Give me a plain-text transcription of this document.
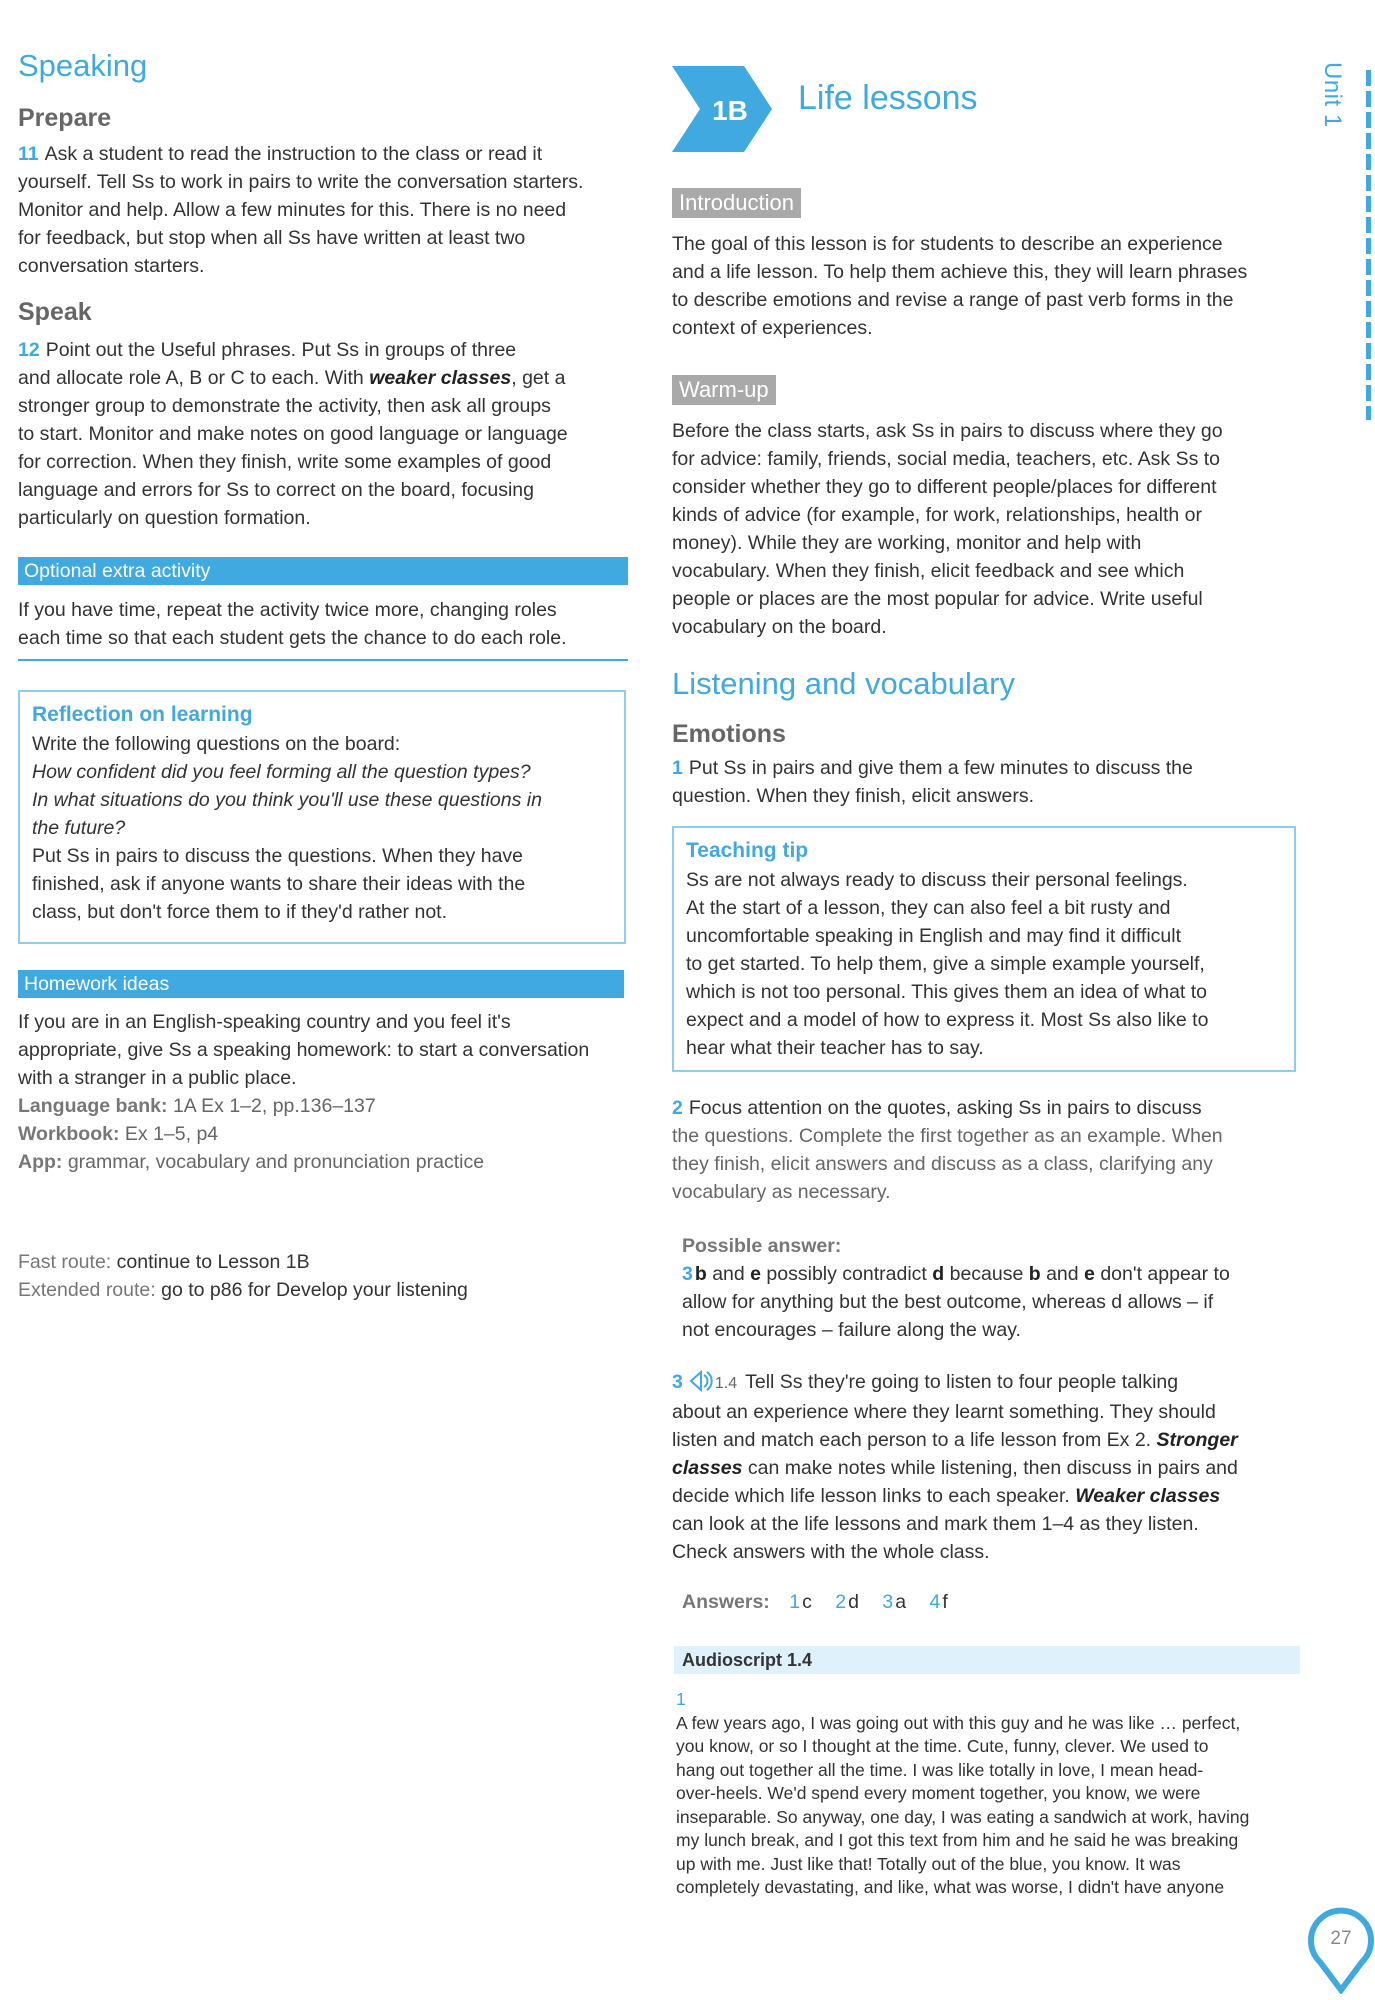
Unit 1
Speaking
Prepare

11 Ask a student to read the instruction to the class or read it

yourself. Tell Ss to work in pairs to write the conversation starters.

Monitor and help. Allow a few minutes for this. There is no need

for feedback, but stop when all Ss have written at least two

conversation starters.

Speak

12 Point out the Useful phrases. Put Ss in groups of three

and allocate role A, B or C to each. With weaker classes, get a

stronger group to demonstrate the activity, then ask all groups

to start. Monitor and make notes on good language or language

for correction. When they finish, write some examples of good

language and errors for Ss to correct on the board, focusing

particularly on question formation.

Optional extra activity

If you have time, repeat the activity twice more, changing roles

each time so that each student gets the chance to do each role.

Reflection on learning

Write the following questions on the board:

How confident did you feel forming all the question types?

In what situations do you think you'll use these questions in

the future?

Put Ss in pairs to discuss the questions. When they have

finished, ask if anyone wants to share their ideas with the

class, but don't force them to if they'd rather not.

Homework ideas

If you are in an English-speaking country and you feel it's

appropriate, give Ss a speaking homework: to start a conversation

with a stranger in a public place.

Language bank: 1A Ex 1–2, pp.136–137

Workbook: Ex 1–5, p4

App: grammar, vocabulary and pronunciation practice

Fast route: continue to Lesson 1B

Extended route: go to p86 for Develop your listening

1B Life lessons
Introduction

The goal of this lesson is for students to describe an experience

and a life lesson. To help them achieve this, they will learn phrases

to describe emotions and revise a range of past verb forms in the

context of experiences.

Warm-up

Before the class starts, ask Ss in pairs to discuss where they go

for advice: family, friends, social media, teachers, etc. Ask Ss to

consider whether they go to different people/places for different

kinds of advice (for example, for work, relationships, health or

money). While they are working, monitor and help with

vocabulary. When they finish, elicit feedback and see which

people or places are the most popular for advice. Write useful

vocabulary on the board.

Listening and vocabulary
Emotions

1 Put Ss in pairs and give them a few minutes to discuss the

question. When they finish, elicit answers.

Teaching tip

Ss are not always ready to discuss their personal feelings.

At the start of a lesson, they can also feel a bit rusty and

uncomfortable speaking in English and may find it difficult

to get started. To help them, give a simple example yourself,

which is not too personal. This gives them an idea of what to

expect and a model of how to express it. Most Ss also like to

hear what their teacher has to say.

2 Focus attention on the quotes, asking Ss in pairs to discuss

the questions. Complete the first together as an example. When

they finish, elicit answers and discuss as a class, clarifying any

vocabulary as necessary.

Possible answer:

3 b and e possibly contradict d because b and e don't appear to

allow for anything but the best outcome, whereas d allows – if

not encourages – failure along the way.

3 1.4 Tell Ss they're going to listen to four people talking

about an experience where they learnt something. They should

listen and match each person to a life lesson from Ex 2. Stronger

classes can make notes while listening, then discuss in pairs and

decide which life lesson links to each speaker. Weaker classes

can look at the life lessons and mark them 1–4 as they listen.

Check answers with the whole class.

Answers: 1 c 2 d 3 a 4 f

Audioscript 1.4

1

A few years ago, I was going out with this guy and he was like … perfect,

you know, or so I thought at the time. Cute, funny, clever. We used to

hang out together all the time. I was like totally in love, I mean head-

over-heels. We'd spend every moment together, you know, we were

inseparable. So anyway, one day, I was eating a sandwich at work, having

my lunch break, and I got this text from him and he said he was breaking

up with me. Just like that! Totally out of the blue, you know. It was

completely devastating, and like, what was worse, I didn't have anyone

27
